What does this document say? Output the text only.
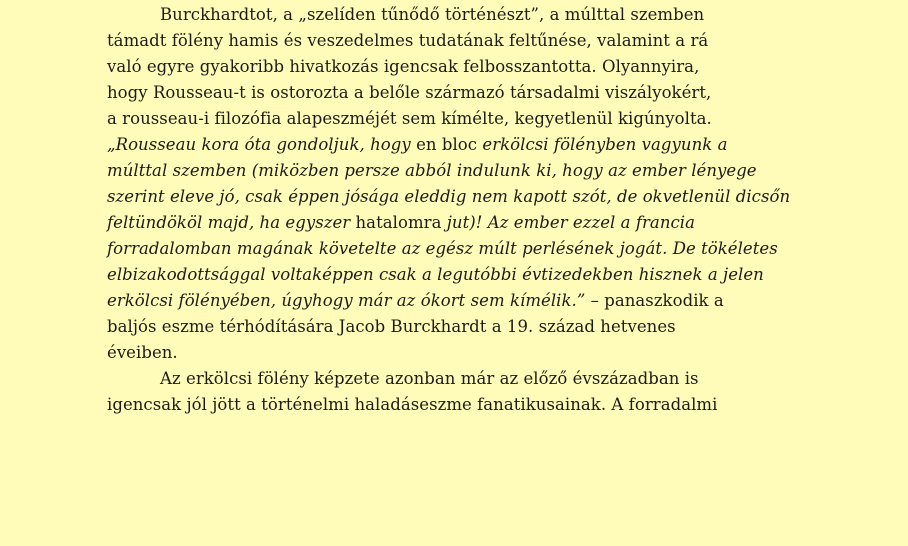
Burckhardtot, a „szelíden tűnődő történészt”, a múlttal szemben
támadt fölény hamis és veszedelmes tudatának feltűnése, valamint a rá
való egyre gyakoribb hivatkozás igencsak felbosszantotta. Olyannyira,
hogy Rousseau-t is ostorozta a belőle származó társadalmi viszályokért,
a rousseau-i filozófia alapeszméjét sem kímélte, kegyetlenül kigúnyolta.
„Rousseau kora óta gondoljuk, hogy en bloc erkölcsi fölényben vagyunk a
múlttal szemben (miközben persze abból indulunk ki, hogy az ember lényege
szerint eleve jó, csak éppen jósága eleddig nem kapott szót, de okvetlenül dicsőn
feltündököl majd, ha egyszer hatalomra jut)! Az ember ezzel a francia
forradalomban magának követelte az egész múlt perlésének jogát. De tökéletes
elbizakodottsággal voltaképpen csak a legutóbbi évtizedekben hisznek a jelen
erkölcsi fölényében, úgyhogy már az ókort sem kímélik.” – panaszkodik a
baljós eszme térhódítására Jacob Burckhardt a 19. század hetvenes
éveiben.
Az erkölcsi fölény képzete azonban már az előző évszázadban is
igencsak jól jött a történelmi haladáseszme fanatikusainak. A forradalmi
